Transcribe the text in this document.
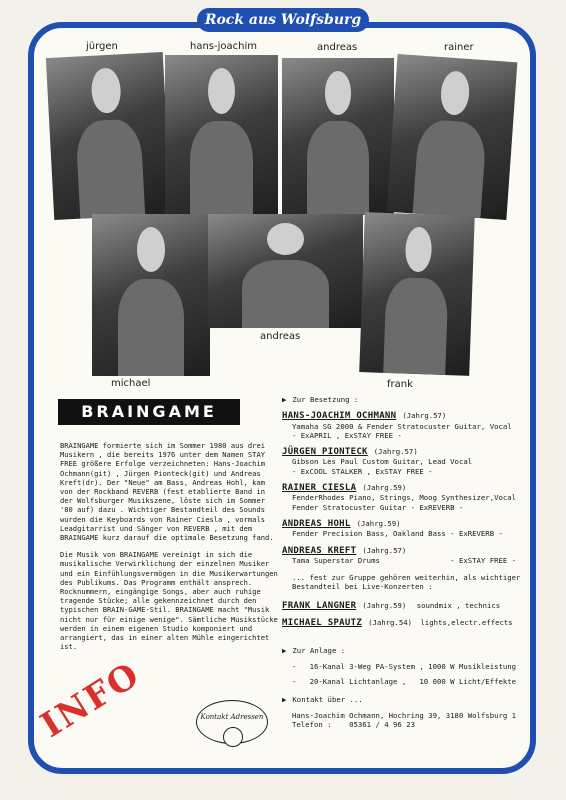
Rock aus Wolfsburg
jürgen	hans-joachim	andreas	rainer
andreas
michael	frank
BRAINGAME

BRAINGAME formierte sich im Sommer 1980 aus drei Musikern , die bereits 1976 unter dem Namen STAY FREE größere Erfolge verzeichneten: Hans-Joachim Ochmann(git) , Jürgen Pionteck(git) und Andreas Kreft(dr). Der "Neue" am Bass, Andreas Hohl, kam von der Rockband REVERB (fest etablierte Band in der Wolfsburger Musikszene, löste sich im Sommer '80 auf) dazu . Wichtiger Bestandteil des Sounds wurden die Keyboards von Rainer Ciesla , vormals Leadgitarrist und Sänger von REVERB , mit dem BRAINGAME kurz darauf die optimale Besetzung fand.

Die Musik von BRAINGAME vereinigt in sich die musikalische Verwirklichung der einzelnen Musiker und ein Einfühlungsvermögen in die Musikerwartungen des Publikums. Das Programm enthält ansprech. Rocknummern, eingängige Songs, aber auch ruhige tragende Stücke; alle gekennzeichnet durch den typischen BRAIN-GAME-Stil. BRAINGAME macht "Musik nicht nur für einige wenige". Sämtliche Musikstücke werden in einem eigenen Studio komponiert und arrangiert, das in einer alten Mühle eingerichtet ist.

▶ Zur Besetzung :
HANS-JOACHIM OCHMANN (Jahrg.57)
Yamaha SG 2000 & Fender Stratocuster Guitar, Vocal
- ExAPRIL , ExSTAY FREE -
JÜRGEN PIONTECK (Jahrg.57)
Gibson Les Paul Custom Guitar, Lead Vocal
- ExCOOL STALKER , ExSTAY FREE -
RAINER CIESLA (Jahrg.59)
FenderRhodes Piano, Strings, Moog Synthesizer,Vocal
Fender Stratocuster Guitar - ExREVERB -
ANDREAS HOHL (Jahrg.59)
Fender Precision Bass, Oakland Bass - ExREVERB -
ANDREAS KREFT (Jahrg.57)
Tama Superstar Drums                - ExSTAY FREE -
... fest zur Gruppe gehören weiterhin, als wichtiger Bestandteil bei Live-Konzerten :
FRANK LANGNER (Jahrg.59) soundmix , technics
MICHAEL SPAUTZ (Jahrg.54) lights,electr.effects
▶ Zur Anlage :
-   16-Kanal 3-Weg PA-System , 1000 W Musikleistung
-   20-Kanal Lichtanlage ,   10 000 W Licht/Effekte
▶ Kontakt über ...
Hans-Joachim Ochmann, Hochring 39, 3180 Wolfsburg 1
Telefon :    05361 / 4 96 23
Kontakt Adressen
INFO
